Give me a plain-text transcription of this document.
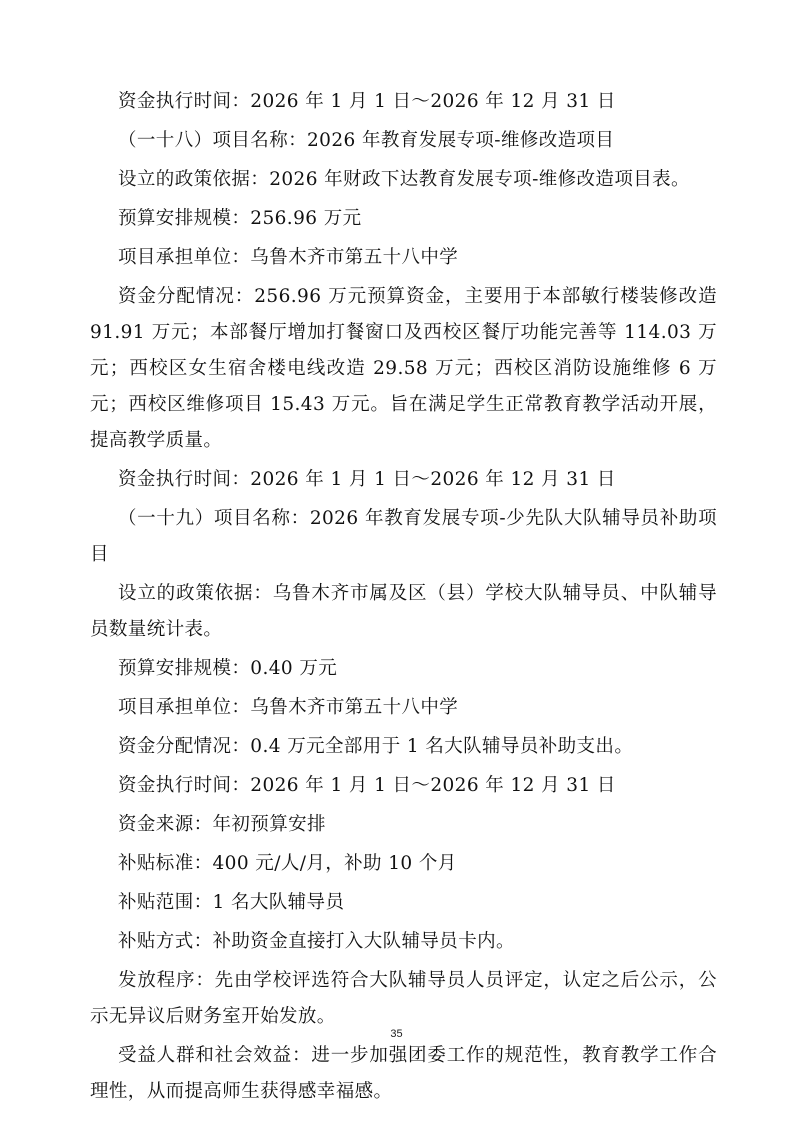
资金执行时间：2026 年 1 月 1 日～2026 年 12 月 31 日

（一十八）项目名称：2026 年教育发展专项-维修改造项目

设立的政策依据：2026 年财政下达教育发展专项-维修改造项目表。

预算安排规模：256.96 万元

项目承担单位：乌鲁木齐市第五十八中学

资金分配情况：256.96 万元预算资金，主要用于本部敏行楼装修改造 91.91 万元；本部餐厅增加打餐窗口及西校区餐厅功能完善等 114.03 万元；西校区女生宿舍楼电线改造 29.58 万元；西校区消防设施维修 6 万元；西校区维修项目 15.43 万元。旨在满足学生正常教育教学活动开展，提高教学质量。

资金执行时间：2026 年 1 月 1 日～2026 年 12 月 31 日

（一十九）项目名称：2026 年教育发展专项-少先队大队辅导员补助项目

设立的政策依据：乌鲁木齐市属及区（县）学校大队辅导员、中队辅导员数量统计表。

预算安排规模：0.40 万元

项目承担单位：乌鲁木齐市第五十八中学

资金分配情况：0.4 万元全部用于 1 名大队辅导员补助支出。

资金执行时间：2026 年 1 月 1 日～2026 年 12 月 31 日

资金来源：年初预算安排

补贴标准：400 元/人/月，补助 10 个月

补贴范围：1 名大队辅导员

补贴方式：补助资金直接打入大队辅导员卡内。

发放程序：先由学校评选符合大队辅导员人员评定，认定之后公示，公示无异议后财务室开始发放。

受益人群和社会效益：进一步加强团委工作的规范性，教育教学工作合理性，从而提高师生获得感幸福感。

35
